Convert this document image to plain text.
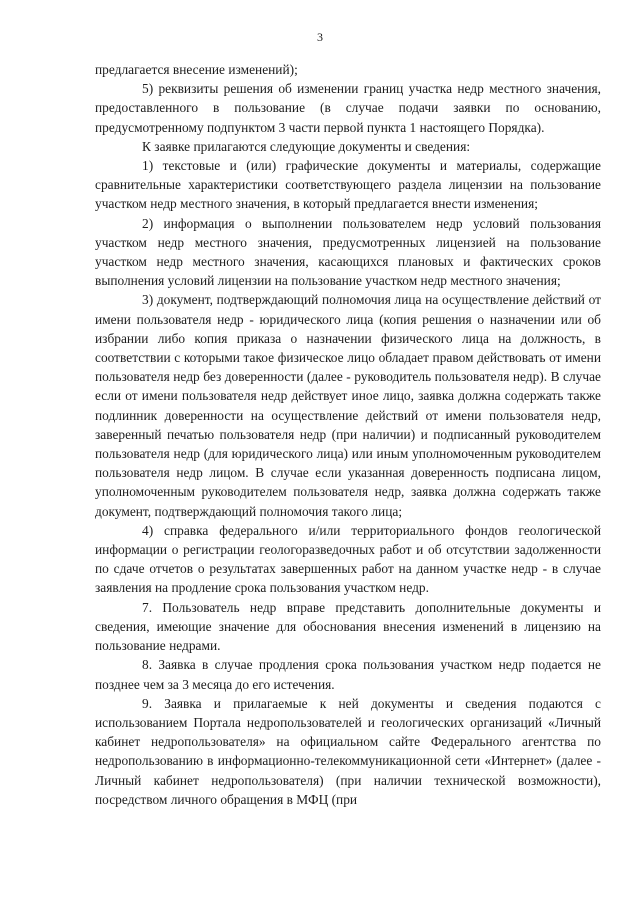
3

предлагается внесение изменений);

5) реквизиты решения об изменении границ участка недр местного значения, предоставленного в пользование (в случае подачи заявки по основанию, предусмотренному подпунктом 3 части первой пункта 1 настоящего Порядка).

К заявке прилагаются следующие документы и сведения:

1) текстовые и (или) графические документы и материалы, содержащие сравнительные характеристики соответствующего раздела лицензии на пользование участком недр местного значения, в который предлагается внести изменения;

2) информация о выполнении пользователем недр условий пользования участком недр местного значения, предусмотренных лицензией на пользование участком недр местного значения, касающихся плановых и фактических сроков выполнения условий лицензии на пользование участком недр местного значения;

3) документ, подтверждающий полномочия лица на осуществление действий от имени пользователя недр - юридического лица (копия решения о назначении или об избрании либо копия приказа о назначении физического лица на должность, в соответствии с которыми такое физическое лицо обладает правом действовать от имени пользователя недр без доверенности (далее - руководитель пользователя недр). В случае если от имени пользователя недр действует иное лицо, заявка должна содержать также подлинник доверенности на осуществление действий от имени пользователя недр, заверенный печатью пользователя недр (при наличии) и подписанный руководителем пользователя недр (для юридического лица) или иным уполномоченным руководителем пользователя недр лицом. В случае если указанная доверенность подписана лицом, уполномоченным руководителем пользователя недр, заявка должна содержать также документ, подтверждающий полномочия такого лица;

4) справка федерального и/или территориального фондов геологической информации о регистрации геологоразведочных работ и об отсутствии задолженности по сдаче отчетов о результатах завершенных работ на данном участке недр - в случае заявления на продление срока пользования участком недр.

7. Пользователь недр вправе представить дополнительные документы и сведения, имеющие значение для обоснования внесения изменений в лицензию на пользование недрами.

8. Заявка в случае продления срока пользования участком недр подается не позднее чем за 3 месяца до его истечения.

9. Заявка и прилагаемые к ней документы и сведения подаются с использованием Портала недропользователей и геологических организаций «Личный кабинет недропользователя» на официальном сайте Федерального агентства по недропользованию в информационно-телекоммуникационной сети «Интернет» (далее - Личный кабинет недропользователя) (при наличии технической возможности), посредством личного обращения в МФЦ (при
